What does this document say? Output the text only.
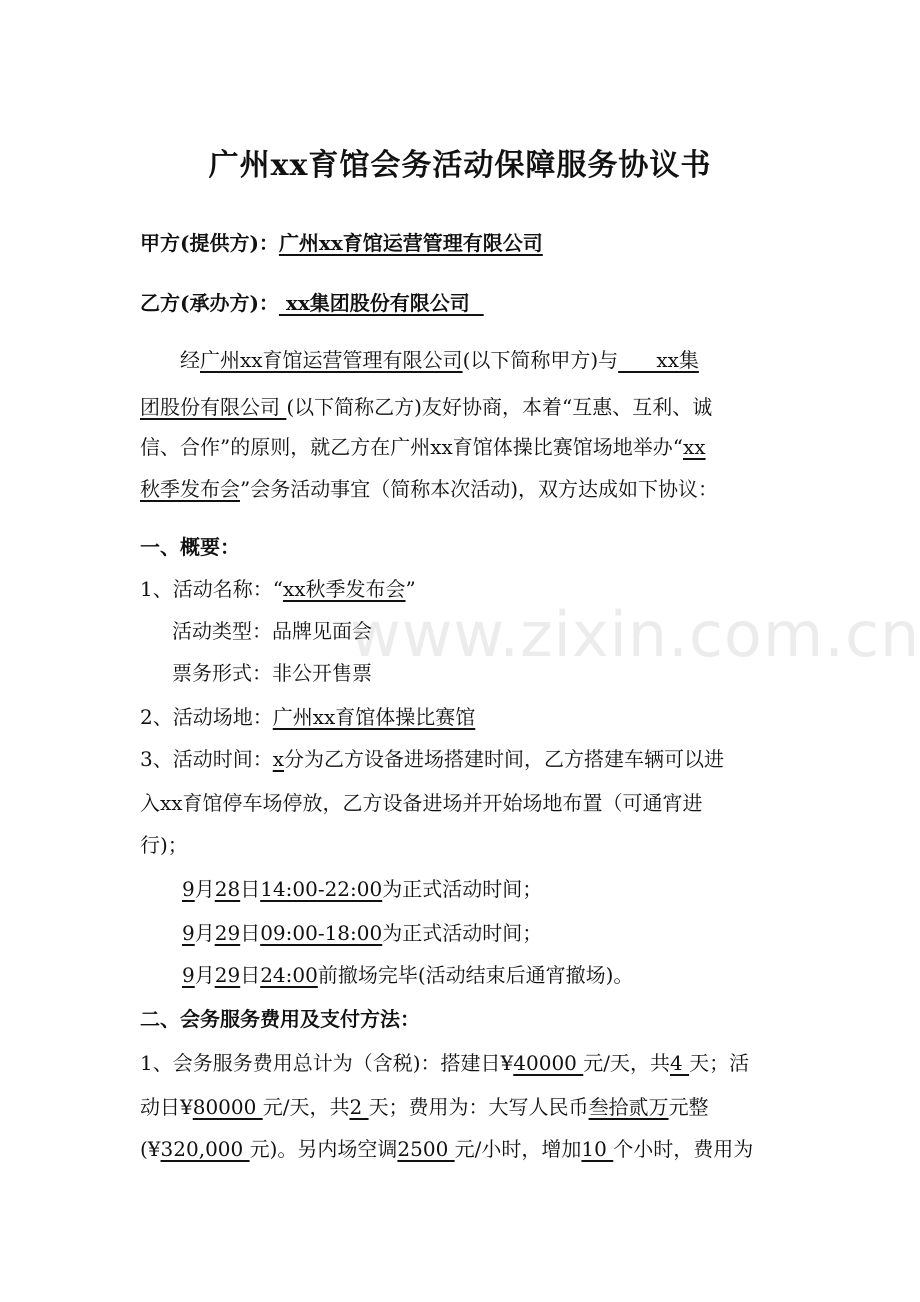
广州xx育馆会务活动保障服务协议书
甲方(提供方)：广州xx育馆运营管理有限公司
乙方(承办方)： xx集团股份有限公司
经广州xx育馆运营管理有限公司(以下简称甲方)与      xx集
团股份有限公司 (以下简称乙方)友好协商，本着“互惠、互利、诚
信、合作”的原则，就乙方在广州xx育馆体操比赛馆场地举办“xx
秋季发布会”会务活动事宜（简称本次活动)，双方达成如下协议：
一、概要：
1、活动名称：“xx秋季发布会”
活动类型：品牌见面会
票务形式：非公开售票
2、活动场地：广州xx育馆体操比赛馆
3、活动时间：x分为乙方设备进场搭建时间，乙方搭建车辆可以进
入xx育馆停车场停放，乙方设备进场并开始场地布置（可通宵进
行)；
9月28日14:00-22:00为正式活动时间；
9月29日09:00-18:00为正式活动时间；
9月29日24:00前撤场完毕(活动结束后通宵撤场)。
二、会务服务费用及支付方法：
1、会务服务费用总计为（含税)：搭建日¥40000 元/天，共4 天；活
动日¥80000 元/天，共2 天；费用为：大写人民币叁拾贰万元整
(¥320,000 元)。另内场空调2500 元/小时，增加10 个小时，费用为
www.zixin.com.cn
